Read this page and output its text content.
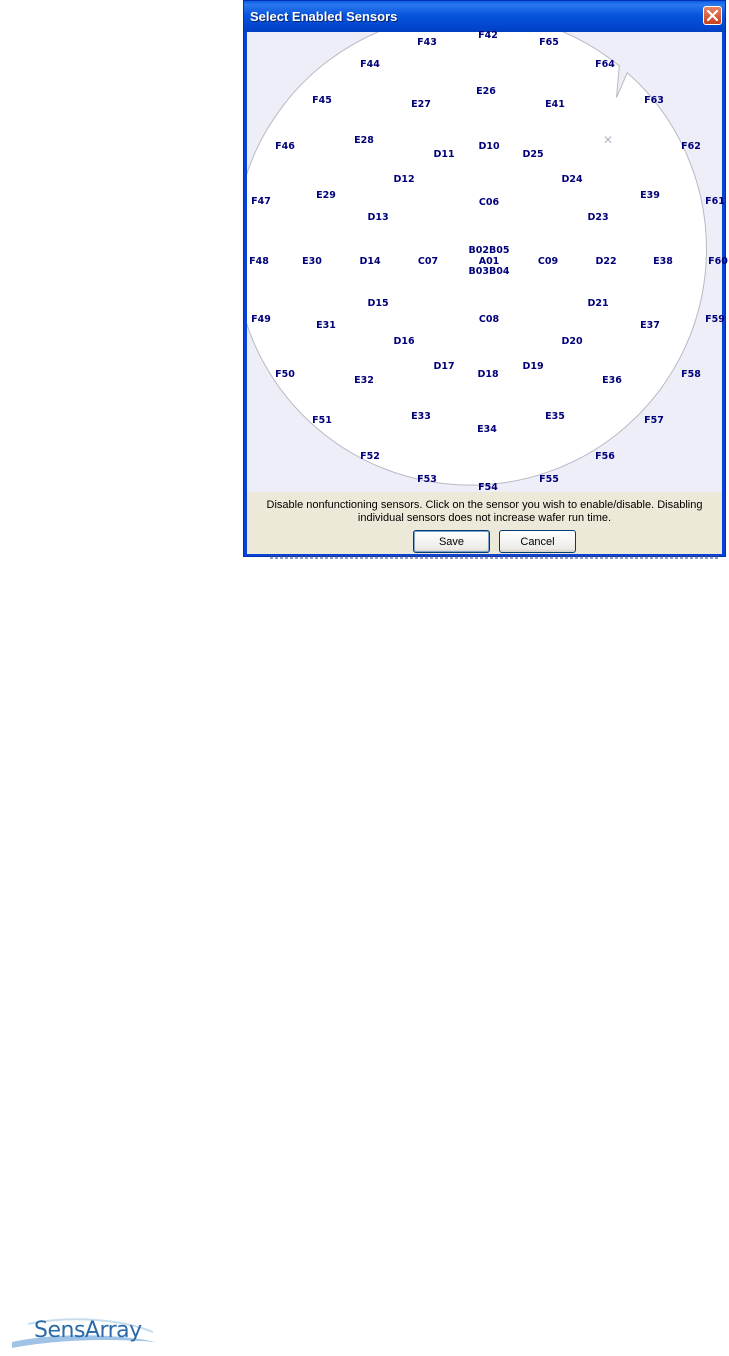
Select Enabled Sensors
F42
F43	F65
F44	F64
E26
F45	E27	E41	F63
E28
F46	D10
D11	D25
F62
D12	D24
E29	E39
F47	C06	F61
D13	D23
B02B05
F48	E30	D14	C07	A01	C09	D22	E38	F60
B03B04
D15	D21
F49	C08	F59
E31	E37
D16	D20
D17	D19
F50	D18	F58
E32	E36
E33	E35
F51	F57
E34
F52	F56
F53	F55
F54
✕
Disable nonfunctioning sensors. Click on the sensor you wish to enable/disable. Disabling
individual sensors does not increase wafer run time.
Save	Cancel
SensArray
